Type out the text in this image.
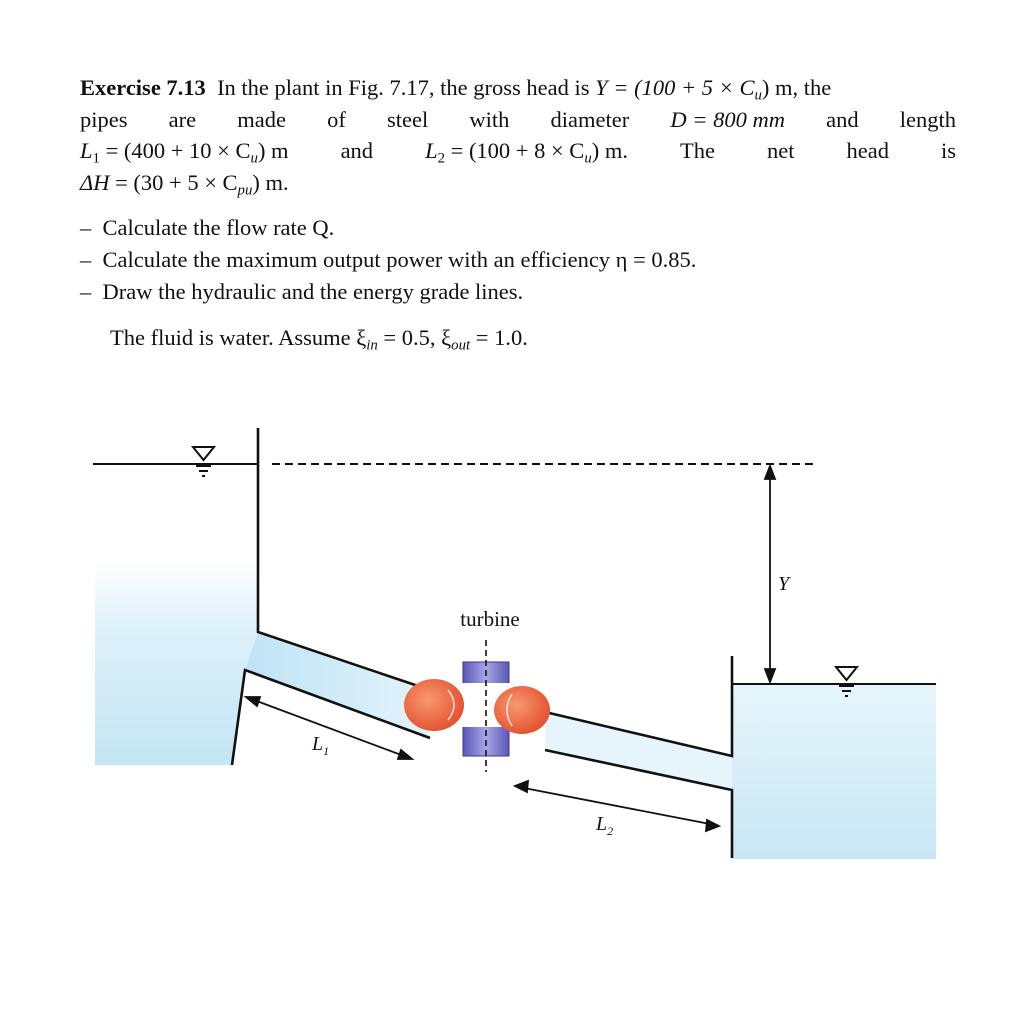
Exercise 7.13 In the plant in Fig. 7.17, the gross head is $Y = (100 + 5 \times C_u)$ m, the
pipes are made of steel with diameter D = 800 mm and length
$L_1 = (400 + 10 \times C_u)$ m and $L_2 = (100 + 8 \times C_u)$ m. The net head is
$\Delta H = (30 + 5 \times C_{pu})$ m.
–  Calculate the flow rate Q.
–  Calculate the maximum output power with an efficiency η = 0.85.
–  Draw the hydraulic and the energy grade lines.
The fluid is water. Assume $\xi_{in} = 0.5$, $\xi_{out} = 1.0$.
Y
turbine
$L_1$
$L_2$
